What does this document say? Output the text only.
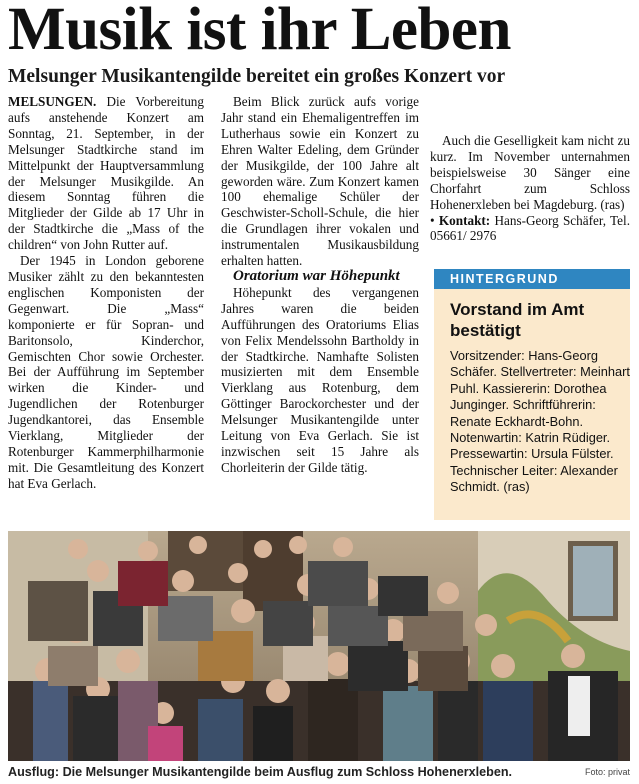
Musik ist ihr Leben
Melsunger Musikantengilde bereitet ein großes Konzert vor

MELSUNGEN. Die Vorbereitung aufs anstehende Konzert am Sonntag, 21. September, in der Melsunger Stadtkirche stand im Mittelpunkt der Hauptversammlung der Melsunger Musikgilde. An diesem Sonntag führen die Mitglieder der Gilde ab 17 Uhr in der Stadtkirche die „Mass of the children“ von John Rutter auf.

Der 1945 in London geborene Musiker zählt zu den bekanntesten englischen Komponisten der Gegenwart. Die „Mass“ komponierte er für Sopran- und Baritonsolo, Kinderchor, Gemischten Chor sowie Orchester. Bei der Aufführung im September wirken die Kinder- und Jugendlichen der Rotenburger Jugendkantorei, das Ensemble Vierklang, Mitglieder der Rotenburger Kammerphilharmonie mit. Die Gesamtleitung des Konzert hat Eva Gerlach.

Beim Blick zurück aufs vorige Jahr stand ein Ehemaligentreffen im Lutherhaus sowie ein Konzert zu Ehren Walter Edeling, dem Gründer der Musikgilde, der 100 Jahre alt geworden wäre. Zum Konzert kamen 100 ehemalige Schüler der Geschwister-Scholl-Schule, die hier die Grundlagen ihrer vokalen und instrumentalen Musikausbildung erhalten hatten.

Oratorium war Höhepunkt

Höhepunkt des vergangenen Jahres waren die beiden Aufführungen des Oratoriums Elias von Felix Mendelssohn Bartholdy in der Stadtkirche. Namhafte Solisten musizierten mit dem Ensemble Vierklang aus Rotenburg, dem Göttinger Barockorchester und der Melsunger Musikantengilde unter Leitung von Eva Gerlach. Sie ist inzwischen seit 15 Jahre als Chorleiterin der Gilde tätig.

Auch die Geselligkeit kam nicht zu kurz. Im November unternahmen beispielsweise 30 Sänger eine Chorfahrt zum Schloss Hohenerxleben bei Magdeburg. (ras)

• Kontakt: Hans-Georg Schäfer, Tel. 05661/ 2976

HINTERGRUND
Vorstand im Amt bestätigt
Vorsitzender: Hans-Georg Schäfer. Stellvertreter: Meinhart Puhl. Kassiererin: Dorothea Junginger. Schriftführerin: Renate Eckhardt-Bohn. Notenwartin: Katrin Rüdiger. Pressewartin: Ursula Fülster. Technischer Leiter: Alexander Schmidt. (ras)
Ausflug: Die Melsunger Musikantengilde beim Ausflug zum Schloss Hohenerxleben.	Foto: privat
